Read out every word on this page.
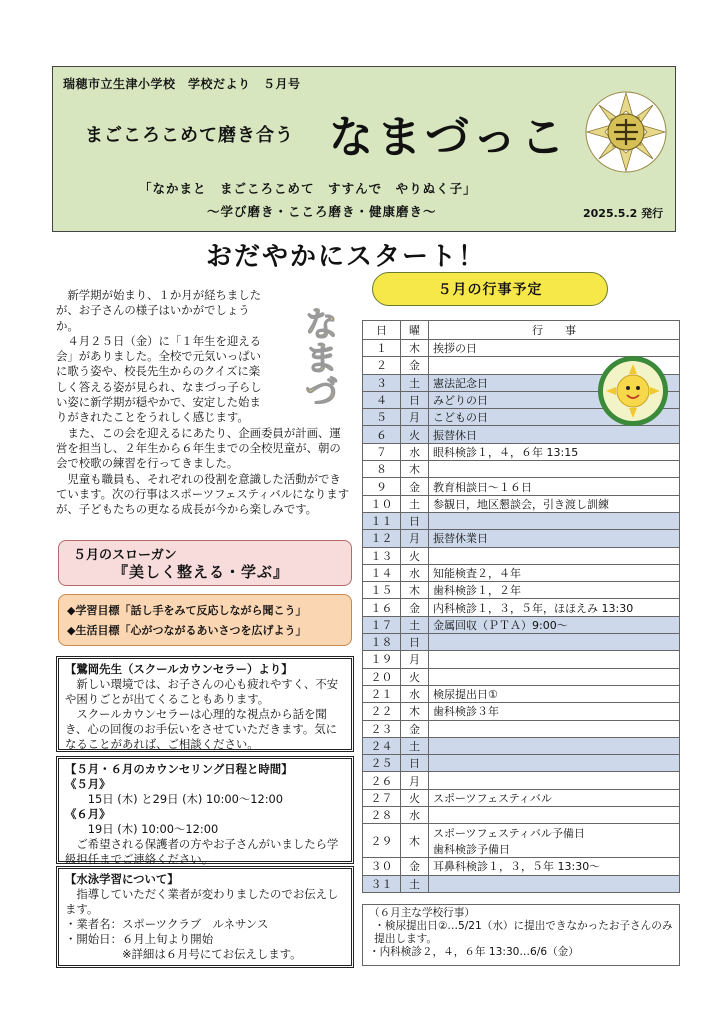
瑞穂市立生津小学校　学校だより　５月号
まごころこめて磨き合う なまづっこ
「なかまと　まごころこめて　すすんで　やりぬく子」
～学び磨き・こころ磨き・健康磨き～	2025.5.2 発行
おだやかにスタート！
５月の行事予定

新学期が始まり、１か月が経ちましたが、お子さんの様子はいかがでしょうか。

４月２５日（金）に「１年生を迎える会」がありました。全校で元気いっぱいに歌う姿や、校長先生からのクイズに楽しく答える姿が見られ、なまづっ子らしい姿に新学期が穏やかで、安定した始まりがきれたことをうれしく感じます。

また、この会を迎えるにあたり、企画委員が計画、運営を担当し、２年生から６年生までの全校児童が、朝の会で校歌の練習を行ってきました。

児童も職員も、それぞれの役割を意識した活動ができています。次の行事はスポーツフェスティバルになりますが、子どもたちの更なる成長が今から楽しみです。

なまづ
５月のスローガン
『美しく整える・学ぶ』
◆学習目標「話し手をみて反応しながら聞こう」
◆生活目標「心がつながるあいさつを広げよう」

【鷺岡先生（スクールカウンセラー）より】

新しい環境では、お子さんの心も疲れやすく、不安や困りごとが出てくることもあります。

スクールカウンセラーは心理的な視点から話を聞き、心の回復のお手伝いをさせていただきます。気になることがあれば、ご相談ください。

【５月・６月のカウンセリング日程と時間】

《５月》

15日 (木) と29日 (木) 10:00～12:00

《６月》

19日 (木) 10:00～12:00

ご希望される保護者の方やお子さんがいましたら学級担任までご連絡ください。

【水泳学習について】

指導していただく業者が変わりましたのでお伝えします。

・業者名：スポーツクラブ　ルネサンス

・開始日：６月上旬より開始

※詳細は６月号にてお伝えします。

日	曜	行　　事
１	木	挨拶の日
２	金	
３	土	憲法記念日
４	日	みどりの日
５	月	こどもの日
６	火	振替休日
７	水	眼科検診１，４，６年 13:15
８	木	
９	金	教育相談日～１６日
１０	土	参観日，地区懇談会，引き渡し訓練
１１	日	
１２	月	振替休業日
１３	火	
１４	水	知能検査２，４年
１５	木	歯科検診１，２年
１６	金	内科検診１，３，５年，ほほえみ 13:30
１７	土	金属回収（ＰＴＡ）9:00～
１８	日	
１９	月	
２０	火	
２１	水	検尿提出日①
２２	木	歯科検診３年
２３	金	
２４	土	
２５	日	
２６	月	
２７	火	スポーツフェスティバル
２８	水	
２９	木	スポーツフェスティバル予備日
歯科検診予備日

３０	金	耳鼻科検診１，３，５年 13:30～
３１	土	

（６月主な学校行事）

・検尿提出日②…5/21（水）に提出できなかったお子さんのみ提出します。

・内科検診２，４，６年 13:30…6/6（金）
